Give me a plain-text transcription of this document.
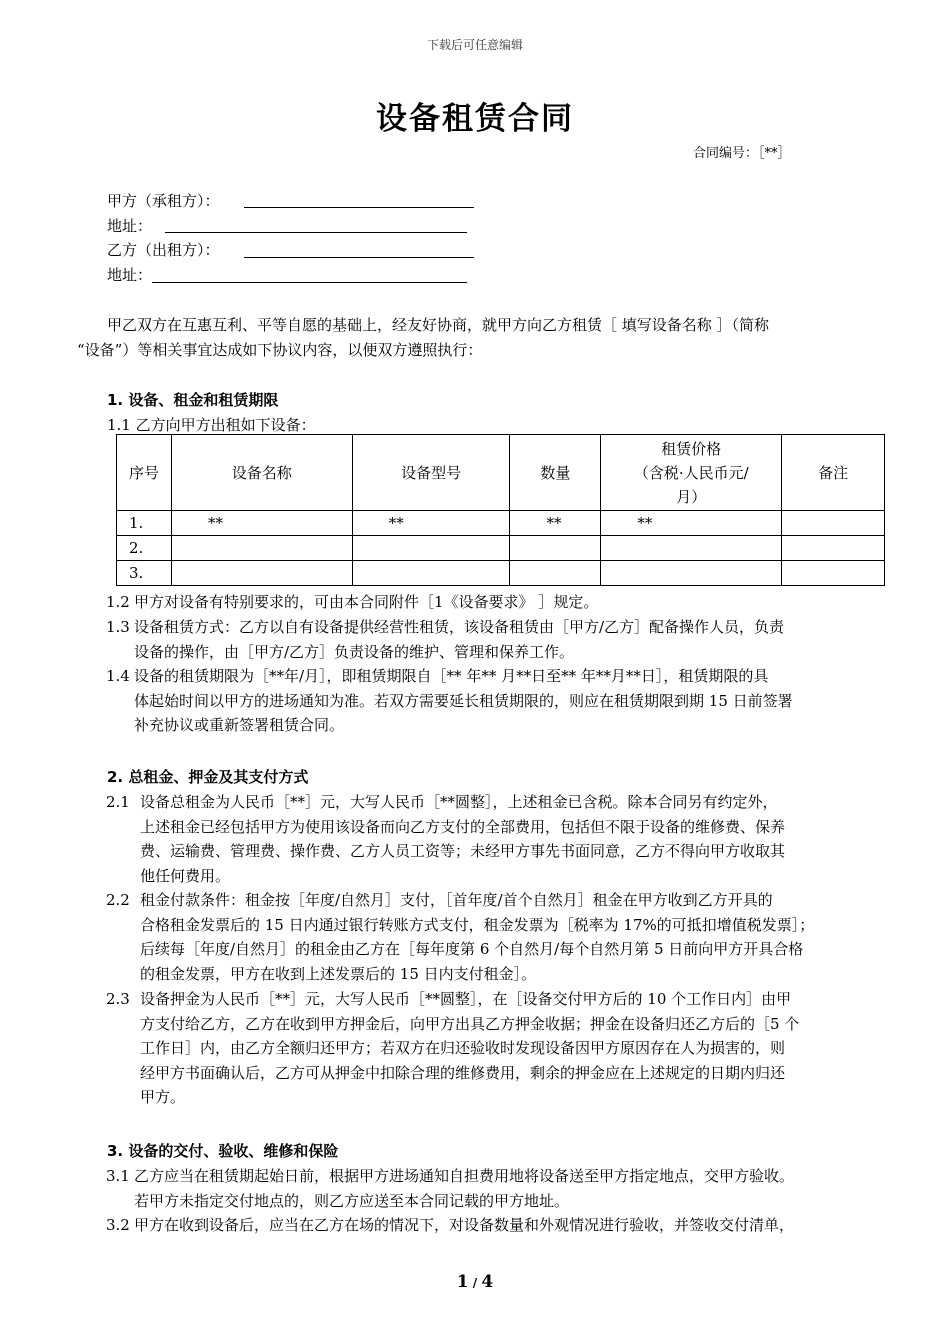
下载后可任意编辑
设备租赁合同
合同编号：［**］
甲方（承租方）：
地址：
乙方（出租方）：
地址：
甲乙双方在互惠互利、平等自愿的基础上，经友好协商，就甲方向乙方租赁［ 填写设备名称 ］（简称
“设备”）等相关事宜达成如下协议内容，以便双方遵照执行：
1. 设备、租金和租赁期限
1.1 乙方向甲方出租如下设备：
序号	设备名称	设备型号	数量	租赁价格
（含税·人民币元/
月）	备注
1.	**	**	**	**	
2.					
3.					
1.2 甲方对设备有特别要求的，可由本合同附件［1《设备要求》 ］规定。
1.3 设备租赁方式：乙方以自有设备提供经营性租赁，该设备租赁由［甲方/乙方］配备操作人员，负责
设备的操作，由［甲方/乙方］负责设备的维护、管理和保养工作。
1.4 设备的租赁期限为［**年/月］，即租赁期限自［** 年** 月**日至** 年**月**日］，租赁期限的具
体起始时间以甲方的进场通知为准。若双方需要延长租赁期限的，则应在租赁期限到期 15 日前签署
补充协议或重新签署租赁合同。
2. 总租金、押金及其支付方式
2.1 设备总租金为人民币［**］元，大写人民币［**圆整］，上述租金已含税。除本合同另有约定外，
上述租金已经包括甲方为使用该设备而向乙方支付的全部费用，包括但不限于设备的维修费、保养
费、运输费、管理费、操作费、乙方人员工资等；未经甲方事先书面同意，乙方不得向甲方收取其
他任何费用。
2.2 租金付款条件：租金按［年度/自然月］支付，［首年度/首个自然月］租金在甲方收到乙方开具的
合格租金发票后的 15 日内通过银行转账方式支付，租金发票为［税率为 17%的可抵扣增值税发票］；
后续每［年度/自然月］的租金由乙方在［每年度第 6 个自然月/每个自然月第 5 日前向甲方开具合格
的租金发票，甲方在收到上述发票后的 15 日内支付租金］。
2.3 设备押金为人民币［**］元，大写人民币［**圆整］，在［设备交付甲方后的 10 个工作日内］由甲
方支付给乙方，乙方在收到甲方押金后，向甲方出具乙方押金收据；押金在设备归还乙方后的［5 个
工作日］内，由乙方全额归还甲方；若双方在归还验收时发现设备因甲方原因存在人为损害的，则
经甲方书面确认后，乙方可从押金中扣除合理的维修费用，剩余的押金应在上述规定的日期内归还
甲方。
3. 设备的交付、验收、维修和保险
3.1 乙方应当在租赁期起始日前，根据甲方进场通知自担费用地将设备送至甲方指定地点，交甲方验收。
若甲方未指定交付地点的，则乙方应送至本合同记载的甲方地址。
3.2 甲方在收到设备后，应当在乙方在场的情况下，对设备数量和外观情况进行验收，并签收交付清单，
1 / 4
